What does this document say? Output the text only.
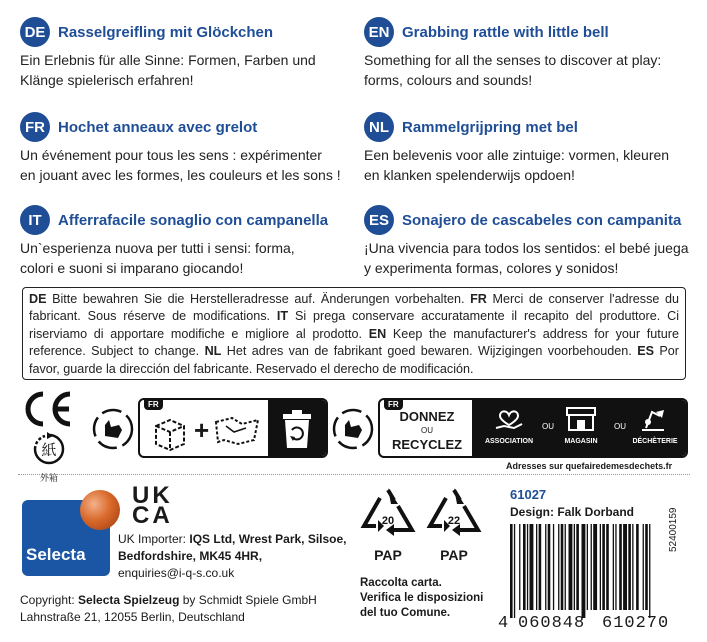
DE Rasselgreifling mit Glöckchen
Ein Erlebnis für alle Sinne: Formen, Farben und
Klänge spielerisch erfahren!
EN Grabbing rattle with little bell
Something for all the senses to discover at play:
forms, colours and sounds!
FR Hochet anneaux avec grelot
Un événement pour tous les sens : expérimenter
en jouant avec les formes, les couleurs et les sons !
NL Rammelgrijpring met bel
Een belevenis voor alle zintuige: vormen, kleuren
en klanken spelenderwijs opdoen!
IT	Afferrafacile sonaglio con campanella
Un`esperienza nuova per tutti i sensi: forma,
colori e suoni si imparano giocando!
ES Sonajero de cascabeles con campanita
¡Una vivencia para todos los sentidos: el bebé juega
y experimenta formas, colores y sonidos!
DE Bitte bewahren Sie die Herstelleradresse auf. Änderungen vorbehalten. FR Merci de conserver l'adresse du fabricant. Sous réserve de modifications. IT Si prega conservare accuratamente il recapito del produttore. Ci riserviamo di apportare modifiche e migliore al prodotto. EN Keep the manufacturer's address for your future reference. Subject to change. NL Het adres van de fabrikant goed bewaren. Wijzigingen voorbehouden. ES Por favor, guarde la dirección del fabricante. Reservado el derecho de modificación.
紙
外箱
FR
+
FR
DONNEZ
OU
RECYCLEZ	ASSOCIATION
OU
MAGASIN
OU
DÉCHÈTERIE
Adresses sur quefairedemesdechets.fr
Selecta
UK
CA
UK Importer: IQS Ltd, Wrest Park, Silsoe, Bedfordshire, MK45 4HR,
enquiries@i-q-s.co.uk
Copyright: Selecta Spielzeug by Schmidt Spiele GmbH
Lahnstraße 21, 12055 Berlin, Deutschland
20
PAP
22
PAP
Raccolta carta.
Verifica le disposizioni
del tuo Comune.
61027
Design: Falk Dorband
4 060848 610270
52400159
